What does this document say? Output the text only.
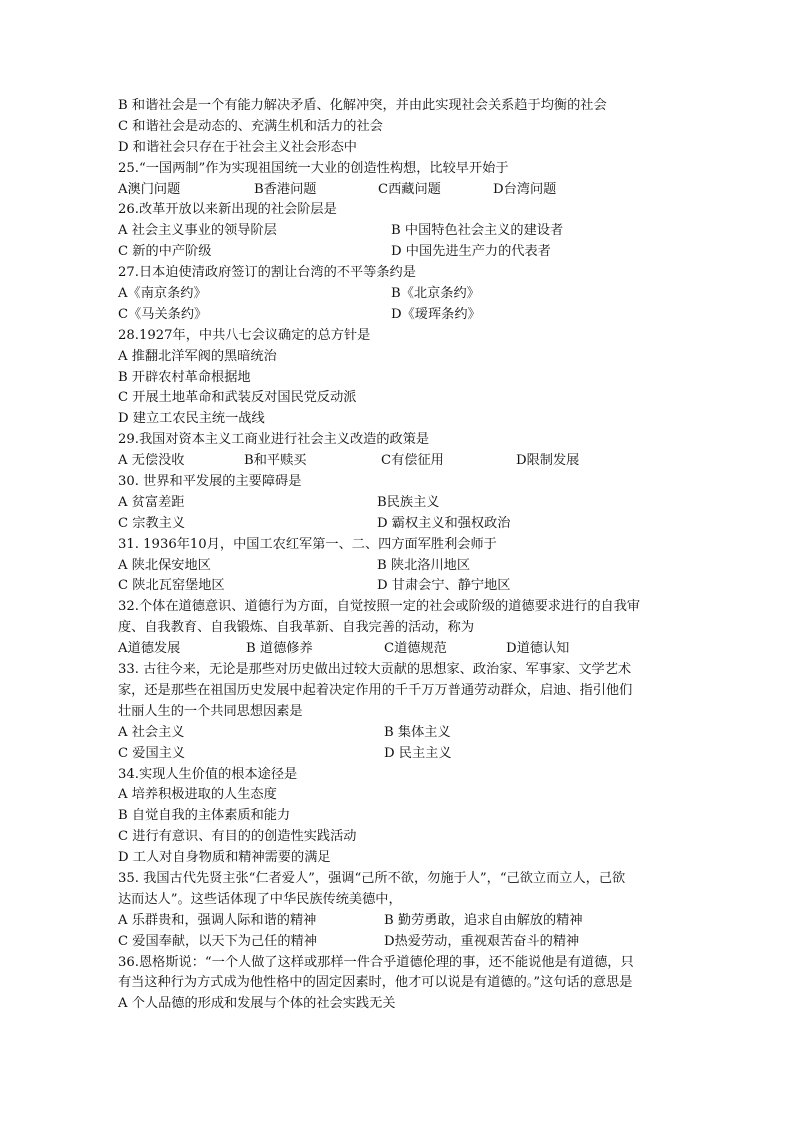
B 和谐社会是一个有能力解决矛盾、化解冲突，并由此实现社会关系趋于均衡的社会
C 和谐社会是动态的、充满生机和活力的社会
D 和谐社会只存在于社会主义社会形态中
25.“一国两制”作为实现祖国统一大业的创造性构想，比较早开始于
A澳门问题	B香港问题	C西藏问题	D台湾问题
26.改革开放以来新出现的社会阶层是
A 社会主义事业的领导阶层	B 中国特色社会主义的建设者
C 新的中产阶级	D 中国先进生产力的代表者
27.日本迫使清政府签订的割让台湾的不平等条约是
A《南京条约》	B《北京条约》
C《马关条约》	D《瑷珲条约》
28.1927年，中共八七会议确定的总方针是
A 推翻北洋军阀的黑暗统治
B 开辟农村革命根据地
C 开展土地革命和武装反对国民党反动派
D 建立工农民主统一战线
29.我国对资本主义工商业进行社会主义改造的政策是
A 无偿没收	B和平赎买	C有偿征用	D限制发展
30. 世界和平发展的主要障碍是
A 贫富差距	B民族主义
C 宗教主义	D 霸权主义和强权政治
31. 1936年10月，中国工农红军第一、二、四方面军胜利会师于
A 陕北保安地区	B 陕北洛川地区
C 陕北瓦窑堡地区	D 甘肃会宁、静宁地区
32.个体在道德意识、道德行为方面，自觉按照一定的社会或阶级的道德要求进行的自我审
度、自我教育、自我锻炼、自我革新、自我完善的活动，称为
A道德发展	B 道德修养	C道德规范	D道德认知
33. 古往今来，无论是那些对历史做出过较大贡献的思想家、政治家、军事家、文学艺术
家，还是那些在祖国历史发展中起着决定作用的千千万万普通劳动群众，启迪、指引他们
壮丽人生的一个共同思想因素是
A 社会主义	B 集体主义
C 爱国主义	D 民主主义
34.实现人生价值的根本途径是
A 培养积极进取的人生态度
B 自觉自我的主体素质和能力
C 进行有意识、有目的的创造性实践活动
D 工人对自身物质和精神需要的满足
35. 我国古代先贤主张“仁者爱人”，强调“己所不欲，勿施于人”，“己欲立而立人，己欲
达而达人”。这些话体现了中华民族传统美德中，
A 乐群贵和，强调人际和谐的精神	B 勤劳勇敢，追求自由解放的精神
C 爱国奉献，以天下为己任的精神	D热爱劳动，重视艰苦奋斗的精神
36.恩格斯说：“一个人做了这样或那样一件合乎道德伦理的事，还不能说他是有道德，只
有当这种行为方式成为他性格中的固定因素时，他才可以说是有道德的。”这句话的意思是
A 个人品德的形成和发展与个体的社会实践无关
